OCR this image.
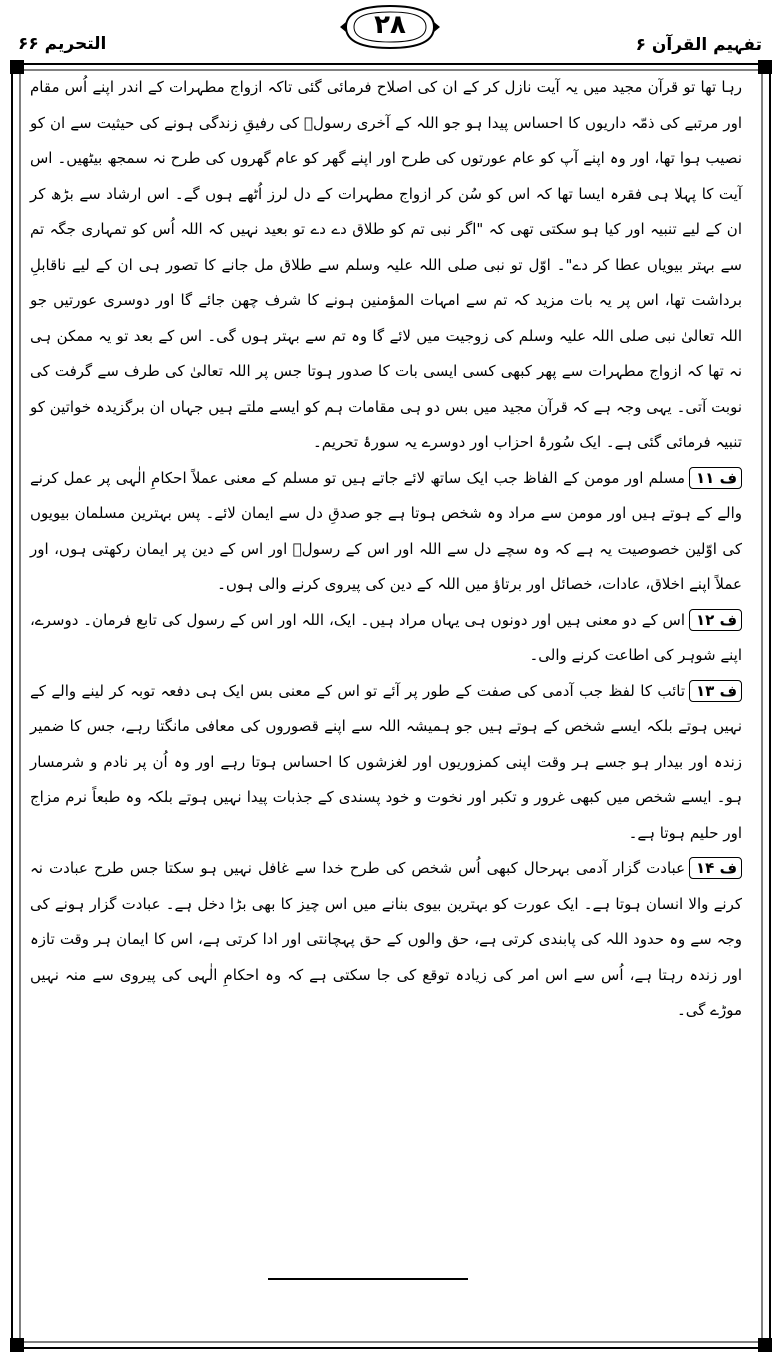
التحریم ۶۶
۲۸
تفہیم القرآن ۶

رہا تھا تو قرآن مجید میں یہ آیت نازل کر کے ان کی اصلاح فرمائی گئی تاکہ ازواج مطہرات کے اندر اپنے اُس مقام اور مرتبے کی ذمّہ داریوں کا احساس پیدا ہو جو اللہ کے آخری رسولؐ کی رفیقِ زندگی ہونے کی حیثیت سے ان کو نصیب ہوا تھا، اور وہ اپنے آپ کو عام عورتوں کی طرح اور اپنے گھر کو عام گھروں کی طرح نہ سمجھ بیٹھیں۔ اس آیت کا پہلا ہی فقرہ ایسا تھا کہ اس کو سُن کر ازواج مطہرات کے دل لرز اُٹھے ہوں گے۔ اس ارشاد سے بڑھ کر ان کے لیے تنبیہ اور کیا ہو سکتی تھی کہ "اگر نبی تم کو طلاق دے دے تو بعید نہیں کہ اللہ اُس کو تمہاری جگہ تم سے بہتر بیویاں عطا کر دے"۔ اوّل تو نبی صلی اللہ علیہ وسلم سے طلاق مل جانے کا تصور ہی ان کے لیے ناقابلِ برداشت تھا، اس پر یہ بات مزید کہ تم سے امہات المؤمنین ہونے کا شرف چھن جائے گا اور دوسری عورتیں جو اللہ تعالیٰ نبی صلی اللہ علیہ وسلم کی زوجیت میں لائے گا وہ تم سے بہتر ہوں گی۔ اس کے بعد تو یہ ممکن ہی نہ تھا کہ ازواج مطہرات سے پھر کبھی کسی ایسی بات کا صدور ہوتا جس پر اللہ تعالیٰ کی طرف سے گرفت کی نوبت آتی۔ یہی وجہ ہے کہ قرآن مجید میں بس دو ہی مقامات ہم کو ایسے ملتے ہیں جہاں ان برگزیدہ خواتین کو تنبیہ فرمائی گئی ہے۔ ایک سُورۂ احزاب اور دوسرے یہ سورۂ تحریم۔

ف ۱۱مسلم اور مومن کے الفاظ جب ایک ساتھ لائے جاتے ہیں تو مسلم کے معنی عملاً احکامِ الٰہی پر عمل کرنے والے کے ہوتے ہیں اور مومن سے مراد وہ شخص ہوتا ہے جو صدقِ دل سے ایمان لائے۔ پس بہترین مسلمان بیویوں کی اوّلین خصوصیت یہ ہے کہ وہ سچے دل سے اللہ اور اس کے رسولؐ اور اس کے دین پر ایمان رکھتی ہوں، اور عملاً اپنے اخلاق، عادات، خصائل اور برتاؤ میں اللہ کے دین کی پیروی کرنے والی ہوں۔

ف ۱۲اس کے دو معنی ہیں اور دونوں ہی یہاں مراد ہیں۔ ایک، اللہ اور اس کے رسول کی تابع فرمان۔ دوسرے، اپنے شوہر کی اطاعت کرنے والی۔

ف ۱۳تائب کا لفظ جب آدمی کی صفت کے طور پر آئے تو اس کے معنی بس ایک ہی دفعہ توبہ کر لینے والے کے نہیں ہوتے بلکہ ایسے شخص کے ہوتے ہیں جو ہمیشہ اللہ سے اپنے قصوروں کی معافی مانگتا رہے، جس کا ضمیر زندہ اور بیدار ہو جسے ہر وقت اپنی کمزوریوں اور لغزشوں کا احساس ہوتا رہے اور وہ اُن پر نادم و شرمسار ہو۔ ایسے شخص میں کبھی غرور و تکبر اور نخوت و خود پسندی کے جذبات پیدا نہیں ہوتے بلکہ وہ طبعاً نرم مزاج اور حلیم ہوتا ہے۔

ف ۱۴عبادت گزار آدمی بہرحال کبھی اُس شخص کی طرح خدا سے غافل نہیں ہو سکتا جس طرح عبادت نہ کرنے والا انسان ہوتا ہے۔ ایک عورت کو بہترین بیوی بنانے میں اس چیز کا بھی بڑا دخل ہے۔ عبادت گزار ہونے کی وجہ سے وہ حدود اللہ کی پابندی کرتی ہے، حق والوں کے حق پہچانتی اور ادا کرتی ہے، اس کا ایمان ہر وقت تازہ اور زندہ رہتا ہے، اُس سے اس امر کی زیادہ توقع کی جا سکتی ہے کہ وہ احکامِ الٰہی کی پیروی سے منہ نہیں موڑے گی۔
